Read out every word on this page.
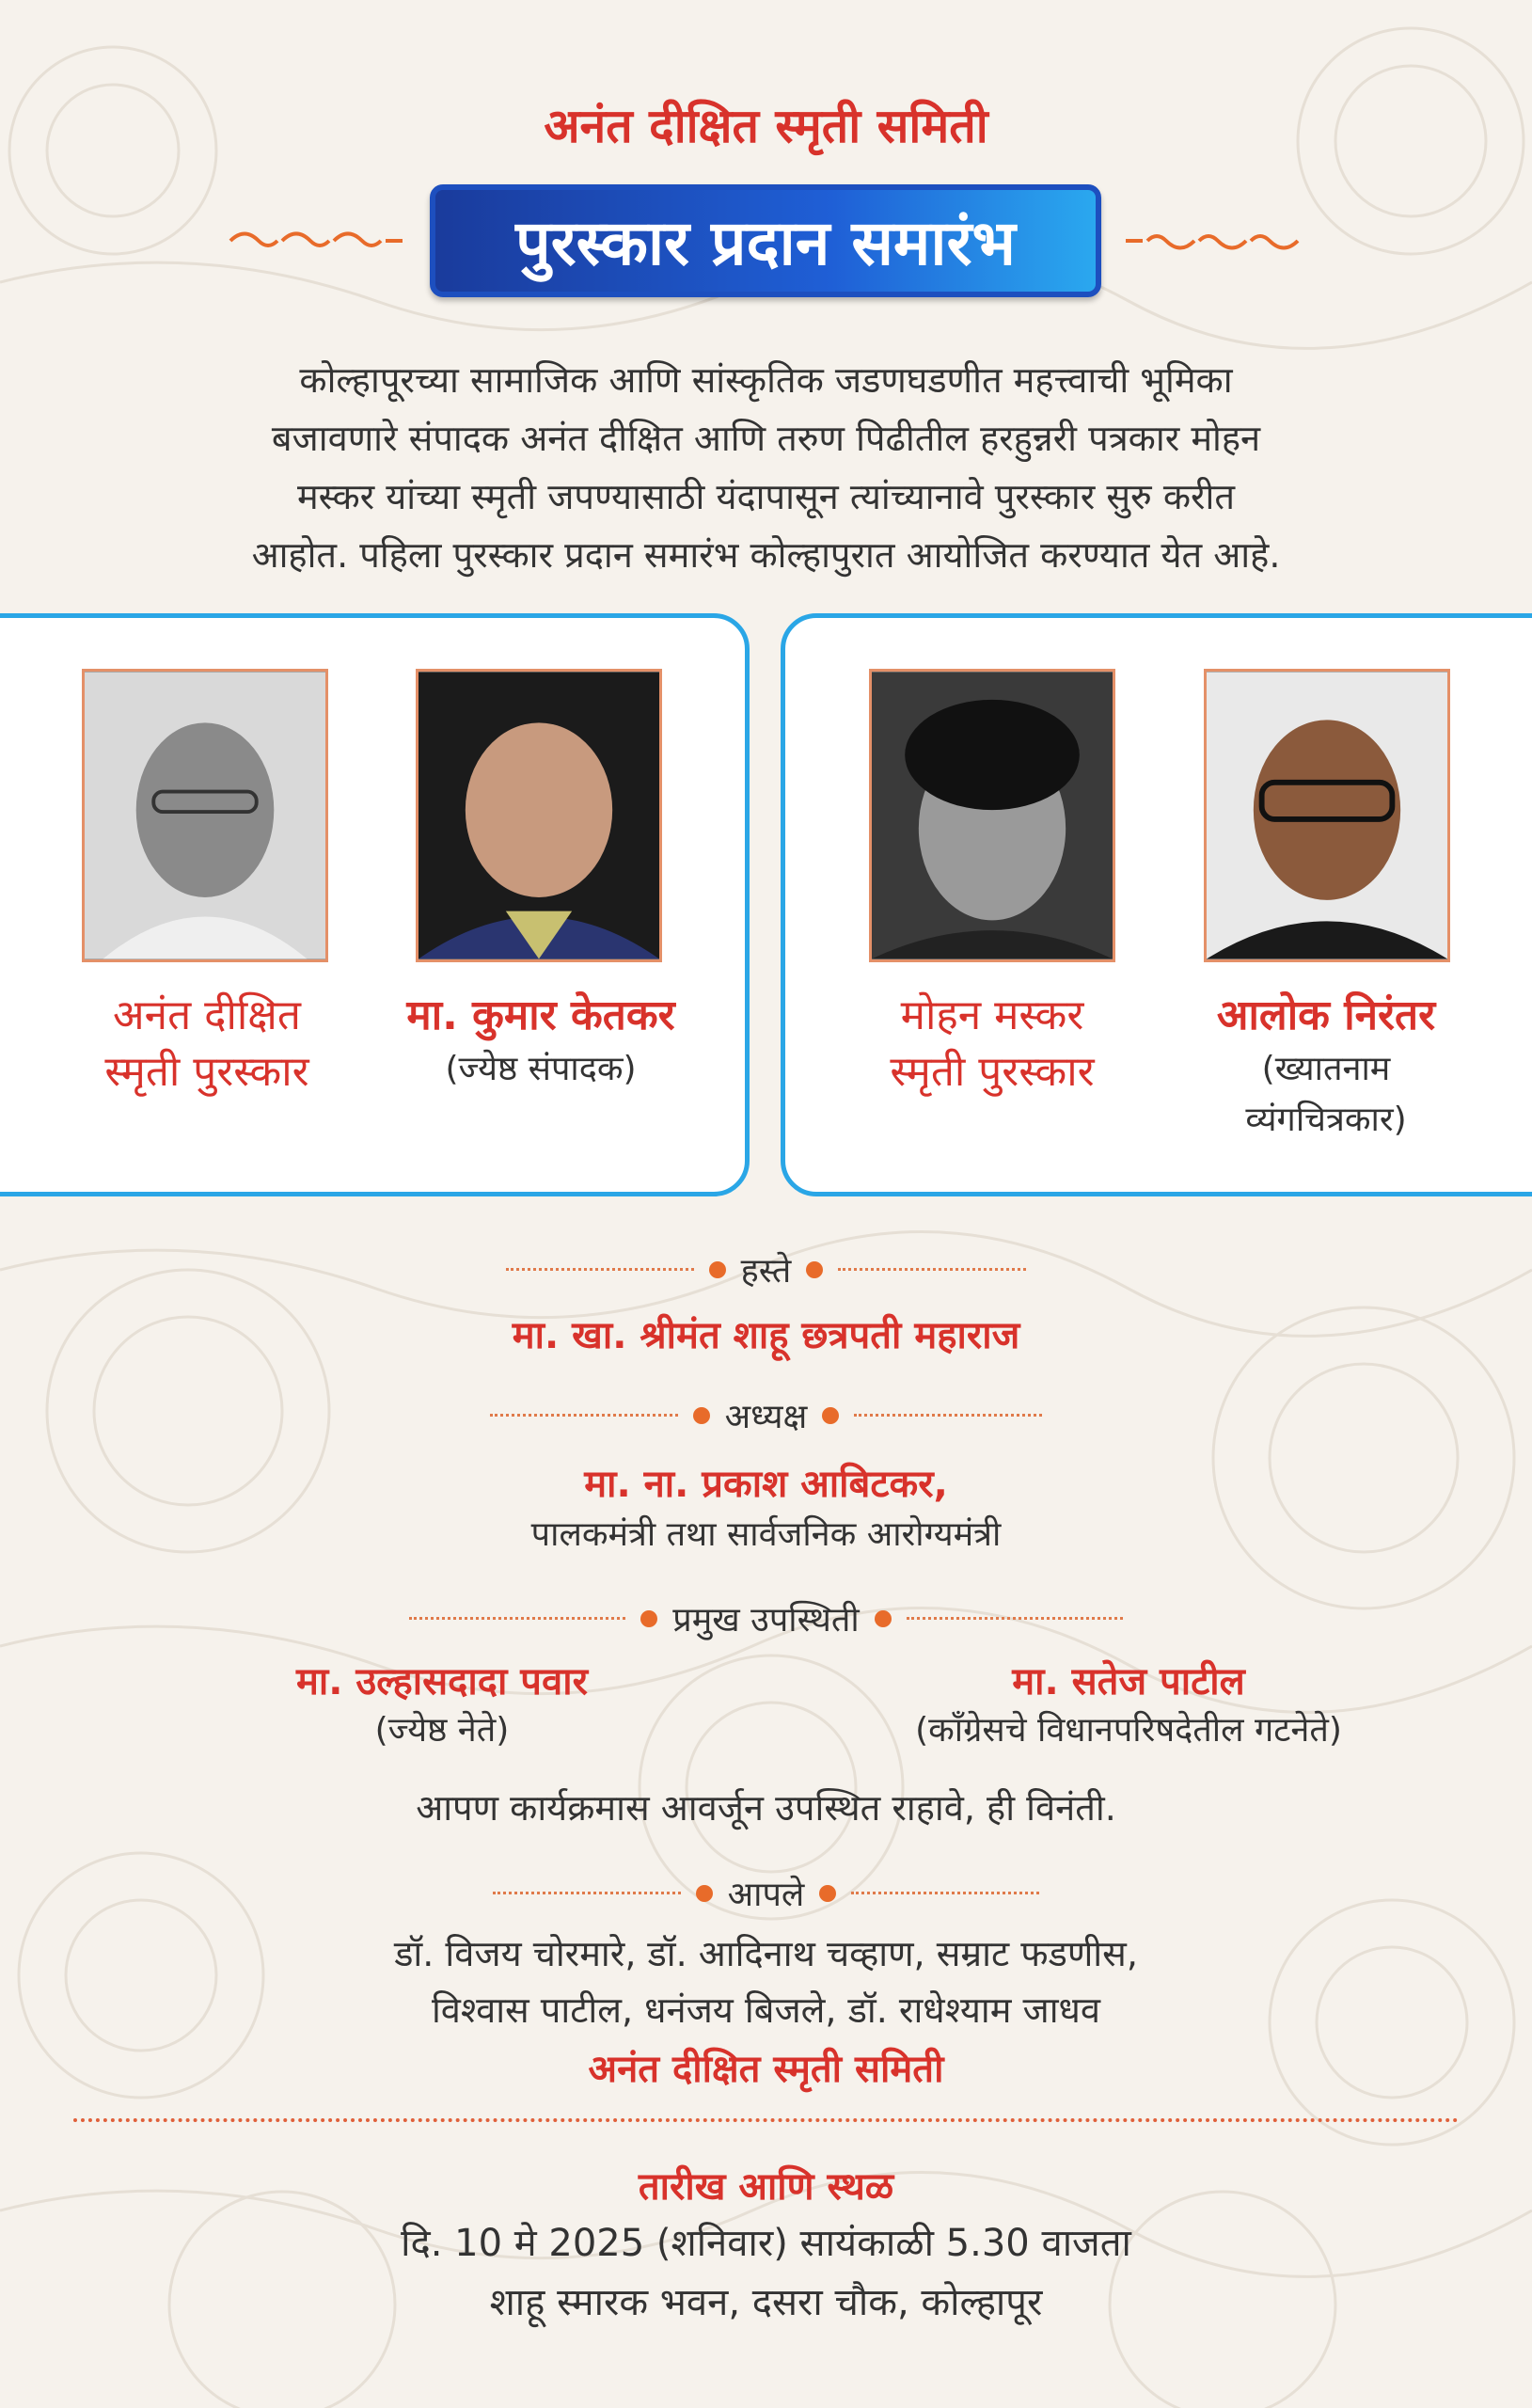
अनंत दीक्षित स्मृती समिती
पुरस्कार प्रदान समारंभ
कोल्हापूरच्या सामाजिक आणि सांस्कृतिक जडणघडणीत महत्त्वाची भूमिका
बजावणारे संपादक अनंत दीक्षित आणि तरुण पिढीतील हरहुन्नरी पत्रकार मोहन
मस्कर यांच्या स्मृती जपण्यासाठी यंदापासून त्यांच्यानावे पुरस्कार सुरु करीत
आहोत. पहिला पुरस्कार प्रदान समारंभ कोल्हापुरात आयोजित करण्यात येत आहे.
अनंत दीक्षित
स्मृती पुरस्कार
मा. कुमार केतकर
(ज्येष्ठ संपादक)
मोहन मस्कर
स्मृती पुरस्कार
आलोक निरंतर
(ख्यातनाम
व्यंगचित्रकार)
हस्ते
मा. खा. श्रीमंत शाहू छत्रपती महाराज
अध्यक्ष
मा. ना. प्रकाश आबिटकर,
पालकमंत्री तथा सार्वजनिक आरोग्यमंत्री
प्रमुख उपस्थिती
मा. उल्हासदादा पवार
(ज्येष्ठ नेते)
मा. सतेज पाटील
(काँग्रेसचे विधानपरिषदेतील गटनेते)
आपण कार्यक्रमास आवर्जून उपस्थित राहावे, ही विनंती.
आपले
डॉ. विजय चोरमारे, डॉ. आदिनाथ चव्हाण, सम्राट फडणीस,
विश्वास पाटील, धनंजय बिजले, डॉ. राधेश्याम जाधव
अनंत दीक्षित स्मृती समिती
तारीख आणि स्थळ
दि. 10 मे 2025 (शनिवार) सायंकाळी 5.30 वाजता
शाहू स्मारक भवन, दसरा चौक, कोल्हापूर
